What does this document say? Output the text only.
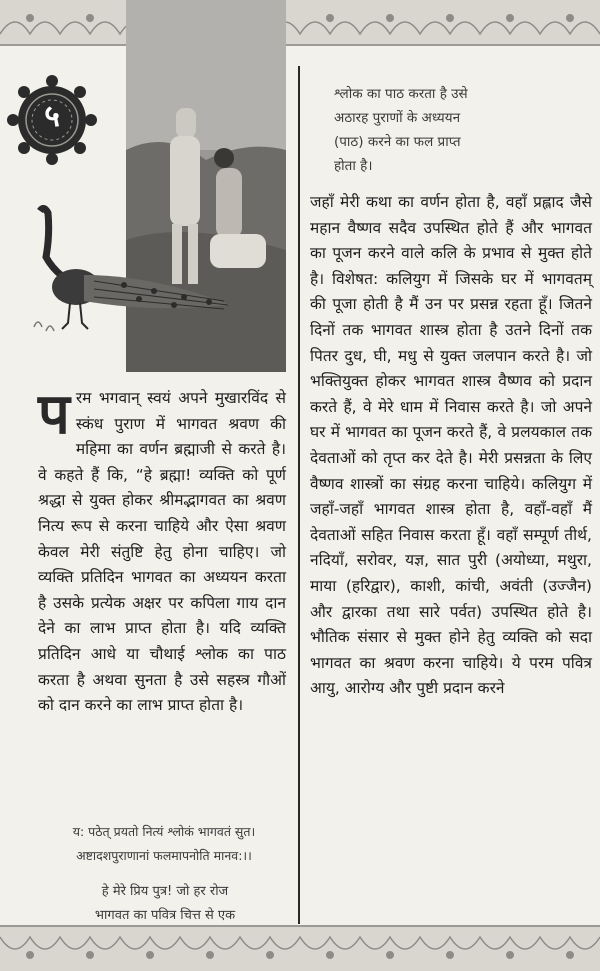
५

परम भगवान् स्वयं अपने मुखारविंद से स्कंध पुराण में भागवत श्रवण की महिमा का वर्णन ब्रह्माजी से करते है। वे कहते हैं कि, “हे ब्रह्मा! व्यक्ति को पूर्ण श्रद्धा से युक्त होकर श्रीमद्भागवत का श्रवण नित्य रूप से करना चाहिये और ऐसा श्रवण केवल मेरी संतुष्टि हेतु होना चाहिए। जो व्यक्ति प्रतिदिन भागवत का अध्ययन करता है उसके प्रत्येक अक्षर पर कपिला गाय दान देने का लाभ प्राप्त होता है। यदि व्यक्ति प्रतिदिन आधे या चौथाई श्लोक का पाठ करता है अथवा सुनता है उसे सहस्त्र गौओं को दान करने का लाभ प्राप्त होता है।

य: पठेत् प्रयतो नित्यं श्लोकं भागवतं सुत।

अष्टादशपुराणानां फलमापनोति मानव:।।

हे मेरे प्रिय पुत्र! जो हर रोज

भागवत का पवित्र चित्त से एक

श्लोक का पाठ करता है उसे

अठारह पुराणों के अध्ययन

(पाठ) करने का फल प्राप्त

होता है।

जहाँ मेरी कथा का वर्णन होता है, वहाँ प्रह्लाद जैसे महान वैष्णव सदैव उपस्थित होते हैं और भागवत का पूजन करने वाले कलि के प्रभाव से मुक्त होते है। विशेषत: कलियुग में जिसके घर में भागवतम् की पूजा होती है मैं उन पर प्रसन्न रहता हूँ। जितने दिनों तक भागवत शास्त्र होता है उतने दिनों तक पितर दुध, घी, मधु से युक्त जलपान करते है। जो भक्तियुक्त होकर भागवत शास्त्र वैष्णव को प्रदान करते हैं, वे मेरे धाम में निवास करते है। जो अपने घर में भागवत का पूजन करते हैं, वे प्रलयकाल तक देवताओं को तृप्त कर देते है। मेरी प्रसन्नता के लिए वैष्णव शास्त्रों का संग्रह करना चाहिये। कलियुग में जहाँ-जहाँ भागवत शास्त्र होता है, वहाँ-वहाँ मैं देवताओं सहित निवास करता हूँ। वहाँ सम्पूर्ण तीर्थ, नदियाँ, सरोवर, यज्ञ, सात पुरी (अयोध्या, मथुरा, माया (हरिद्वार), काशी, कांची, अवंती (उज्जैन) और द्वारका तथा सारे पर्वत) उपस्थित होते है। भौतिक संसार से मुक्त होने हेतु व्यक्ति को सदा भागवत का श्रवण करना चाहिये। ये परम पवित्र आयु, आरोग्य और पुष्टी प्रदान करने
